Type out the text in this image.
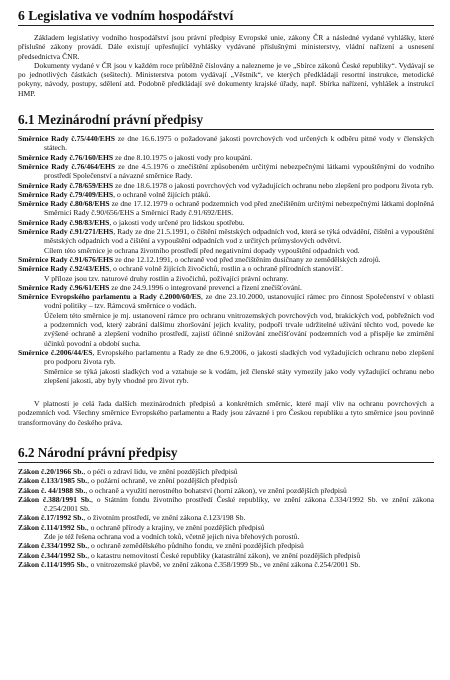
6 Legislativa ve vodním hospodářství

Základem legislativy vodního hospodářství jsou právní předpisy Evropské unie, zákony ČR a následné vydané vyhlášky, které příslušné zákony provádí. Dále existují upřesňující vyhlášky vydávané příslušnými ministerstvy, vládní nařízení a usnesení předsednictva ČNR.

Dokumenty vydané v ČR jsou v každém roce průběžně číslovány a nalezneme je ve „Sbírce zákonů České republiky“. Vydávají se po jednotlivých částkách (sešitech). Ministerstva potom vydávají „Věstník“, ve kterých předkládají resortní instrukce, metodické pokyny, návody, postupy, sdělení atd. Podobně předkládají své dokumenty krajské úřady, např. Sbírka nařízení, vyhlášek a instrukcí HMP.

6.1 Mezinárodní právní předpisy

Směrnice Rady č.75/440/EHS ze dne 16.6.1975 o požadované jakosti povrchových vod určených k odběru pitné vody v členských státech.

Směrnice Rady č.76/160/EHS ze dne 8.10.1975 o jakosti vody pro koupání.

Směrnice Rady č.76/464/EHS ze dne 4.5.1976 o znečištění způsobeném určitými nebezpečnými látkami vypouštěnými do vodního prostředí Společenství a návazné směrnice Rady.

Směrnice Rady č.78/659/EHS ze dne 18.6.1978 o jakosti povrchových vod vyžadujících ochranu nebo zlepšení pro podporu života ryb.

Směrnice Rady č.79/409/EHS, o ochraně volně žijících ptáků.

Směrnice Rady č.80/68/EHS ze dne 17.12.1979 o ochraně podzemních vod před znečištěním určitými nebezpečnými látkami doplněná Směrnicí Rady č.90/656/EHS a Směrnicí Rady č.91/692/EHS.

Směrnice Rady č.98/83/EHS, o jakosti vody určené pro lidskou spotřebu.

Směrnice Rady č.91/271/EHS, Rady ze dne 21.5.1991, o čištění městských odpadních vod, která se týká odvádění, čištění a vypouštění městských odpadních vod a čištění a vypouštění odpadních vod z určitých průmyslových odvětví.

Cílem této směrnice je ochrana životního prostředí před negativními dopady vypouštění odpadních vod.

Směrnice Rady č.91/676/EHS ze dne 12.12.1991, o ochraně vod před znečištěním dusičnany ze zemědělských zdrojů.

Směrnice Rady č.92/43/EHS, o ochraně volně žijících živočichů, rostlin a o ochraně přírodních stanovišť.

V příloze jsou tzv. naturové druhy rostlin a živočichů, požívající právní ochrany.

Směrnice Rady č.96/61/EHS ze dne 24.9.1996 o integrované prevenci a řízení znečišťování.

Směrnice Evropského parlamentu a Rady č.2000/60/ES, ze dne 23.10.2000, ustanovující rámec pro činnost Společenství v oblasti vodní politiky – tzv. Rámcová směrnice o vodách.

Účelem této směrnice je mj. ustanovení rámce pro ochranu vnitrozemských povrchových vod, brakických vod, pobřežních vod a podzemních vod, který zabrání dalšímu zhoršování jejich kvality, podpoří trvale udržitelné užívání těchto vod, povede ke zvýšené ochraně a zlepšení vodního prostředí, zajistí účinné snižování znečišťování podzemních vod a přispěje ke zmírnění účinků povodní a období sucha.

Směrnice č.2006/44/ES, Evropského parlamentu a Rady ze dne 6.9.2006, o jakosti sladkých vod vyžadujících ochranu nebo zlepšení pro podporu života ryb.

Směrnice se týká jakosti sladkých vod a vztahuje se k vodám, jež členské státy vymezily jako vody vyžadující ochranu nebo zlepšení jakosti, aby byly vhodné pro život ryb.

V platnosti je celá řada dalších mezinárodních předpisů a konkrétních směrnic, které mají vliv na ochranu povrchových a podzemních vod. Všechny směrnice Evropského parlamentu a Rady jsou závazné i pro Českou republiku a tyto směrnice jsou povinně transformovány do českého práva.

6.2 Národní právní předpisy

Zákon č.20/1966 Sb., o péči o zdraví lidu, ve znění pozdějších předpisů

Zákon č.133/1985 Sb., o požární ochraně, ve znění pozdějších předpisů

Zákon č. 44/1988 Sb., o ochraně a využití nerostného bohatství (horní zákon), ve znění pozdějších předpisů

Zákon č.388/1991 Sb., o Státním fondu životního prostředí České republiky, ve znění zákona č.334/1992 Sb. ve znění zákona č.254/2001 Sb.

Zákon č.17/1992 Sb., o životním prostředí, ve znění zákona č.123/198 Sb.

Zákon č.114/1992 Sb., o ochraně přírody a krajiny, ve znění pozdějších předpisů

Zde je též řešena ochrana vod a vodních toků, včetně jejich niva břehových porostů.

Zákon č.334/1992 Sb., o ochraně zemědělského půdního fondu, ve znění pozdějších předpisů

Zákon č.344/1992 Sb., o katastru nemovitostí České republiky (katastrální zákon), ve znění pozdějších předpisů

Zákon č.114/1995 Sb., o vnitrozemské plavbě, ve znění zákona č.358/1999 Sb., ve znění zákona č.254/2001 Sb.
